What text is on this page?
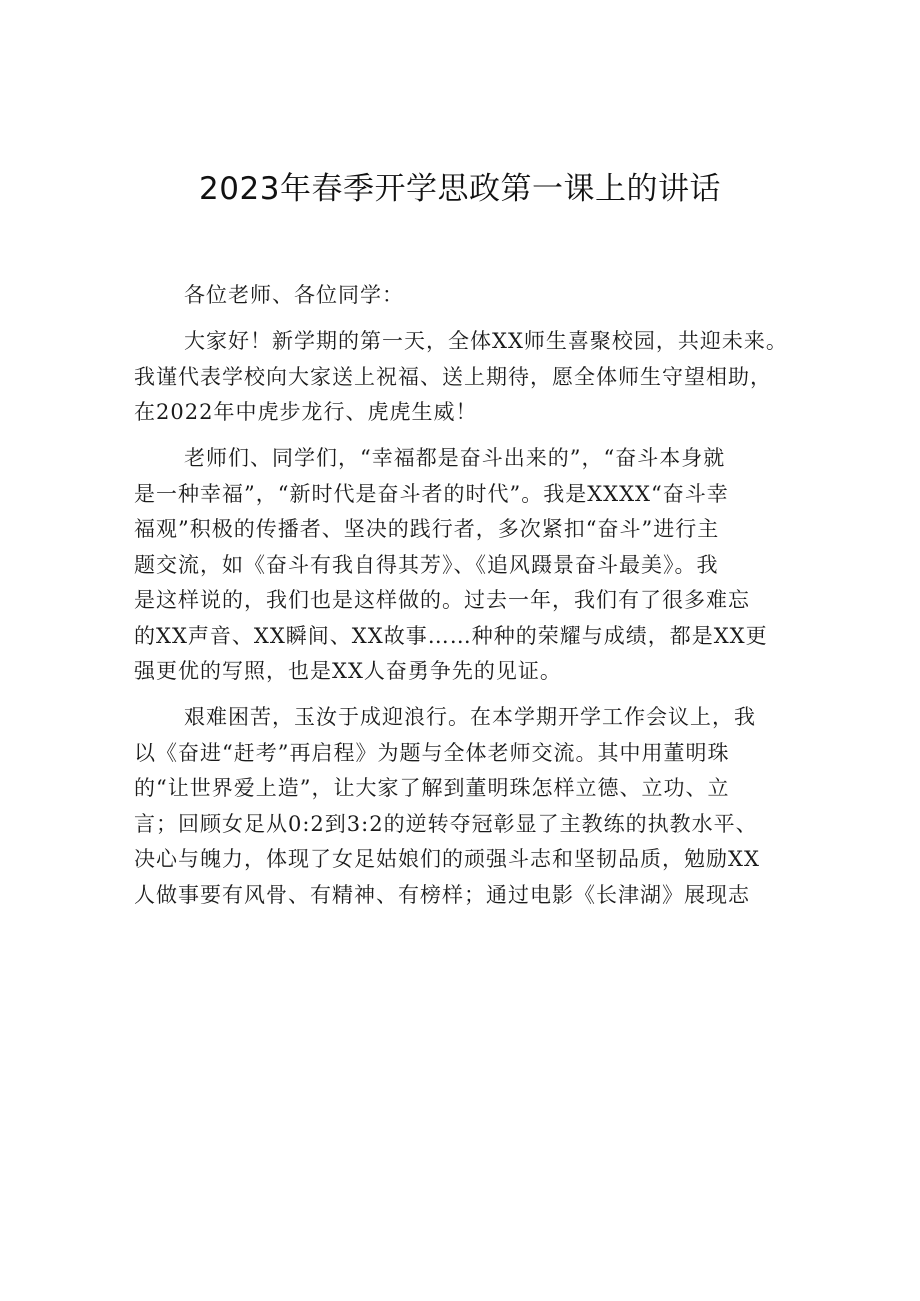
2023年春季开学思政第一课上的讲话
各位老师、各位同学：
大家好！新学期的第一天，全体XX师生喜聚校园，共迎未来。
我谨代表学校向大家送上祝福、送上期待，愿全体师生守望相助，
在2022年中虎步龙行、虎虎生威！
老师们、同学们，“幸福都是奋斗出来的”，“奋斗本身就
是一种幸福”，“新时代是奋斗者的时代”。我是XXXX“奋斗幸
福观”积极的传播者、坚决的践行者，多次紧扣“奋斗”进行主
题交流，如《奋斗有我自得其芳》、《追风蹑景奋斗最美》。我
是这样说的，我们也是这样做的。过去一年，我们有了很多难忘
的XX声音、XX瞬间、XX故事……种种的荣耀与成绩，都是XX更
强更优的写照，也是XX人奋勇争先的见证。
艰难困苦，玉汝于成迎浪行。在本学期开学工作会议上，我
以《奋进“赶考”再启程》为题与全体老师交流。其中用董明珠
的“让世界爱上造”，让大家了解到董明珠怎样立德、立功、立
言；回顾女足从0:2到3:2的逆转夺冠彰显了主教练的执教水平、
决心与魄力，体现了女足姑娘们的顽强斗志和坚韧品质，勉励XX
人做事要有风骨、有精神、有榜样；通过电影《长津湖》展现志
